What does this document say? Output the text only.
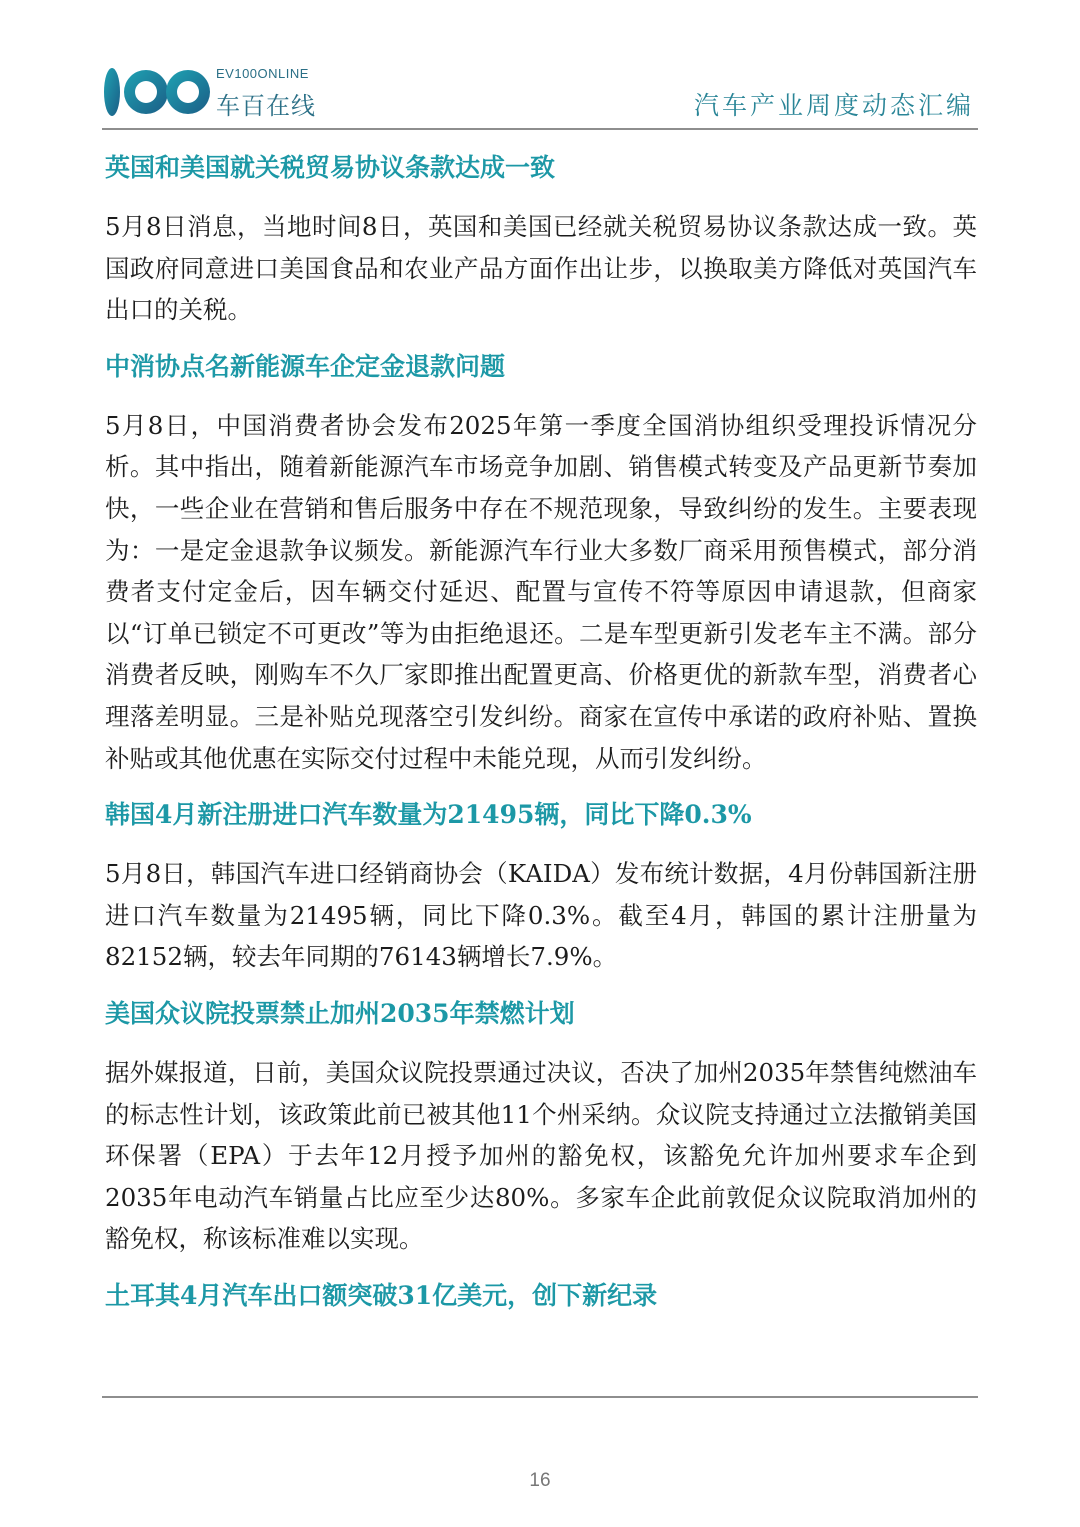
EV100ONLINE
车百在线	汽车产业周度动态汇编
英国和美国就关税贸易协议条款达成一致
5月8日消息，当地时间8日，英国和美国已经就关税贸易协议条款达成一致。英国政府同意进口美国食品和农业产品方面作出让步，以换取美方降低对英国汽车出口的关税。
中消协点名新能源车企定金退款问题
5月8日，中国消费者协会发布2025年第一季度全国消协组织受理投诉情况分析。其中指出，随着新能源汽车市场竞争加剧、销售模式转变及产品更新节奏加快，一些企业在营销和售后服务中存在不规范现象，导致纠纷的发生。主要表现为：一是定金退款争议频发。新能源汽车行业大多数厂商采用预售模式，部分消费者支付定金后，因车辆交付延迟、配置与宣传不符等原因申请退款，但商家以“订单已锁定不可更改”等为由拒绝退还。二是车型更新引发老车主不满。部分消费者反映，刚购车不久厂家即推出配置更高、价格更优的新款车型，消费者心理落差明显。三是补贴兑现落空引发纠纷。商家在宣传中承诺的政府补贴、置换补贴或其他优惠在实际交付过程中未能兑现，从而引发纠纷。
韩国4月新注册进口汽车数量为21495辆，同比下降0.3%
5月8日，韩国汽车进口经销商协会（KAIDA）发布统计数据，4月份韩国新注册进口汽车数量为21495辆，同比下降0.3%。截至4月，韩国的累计注册量为82152辆，较去年同期的76143辆增长7.9%。
美国众议院投票禁止加州2035年禁燃计划
据外媒报道，日前，美国众议院投票通过决议，否决了加州2035年禁售纯燃油车的标志性计划，该政策此前已被其他11个州采纳。众议院支持通过立法撤销美国环保署（EPA）于去年12月授予加州的豁免权，该豁免允许加州要求车企到2035年电动汽车销量占比应至少达80%。多家车企此前敦促众议院取消加州的豁免权，称该标准难以实现。
土耳其4月汽车出口额突破31亿美元，创下新纪录
16
